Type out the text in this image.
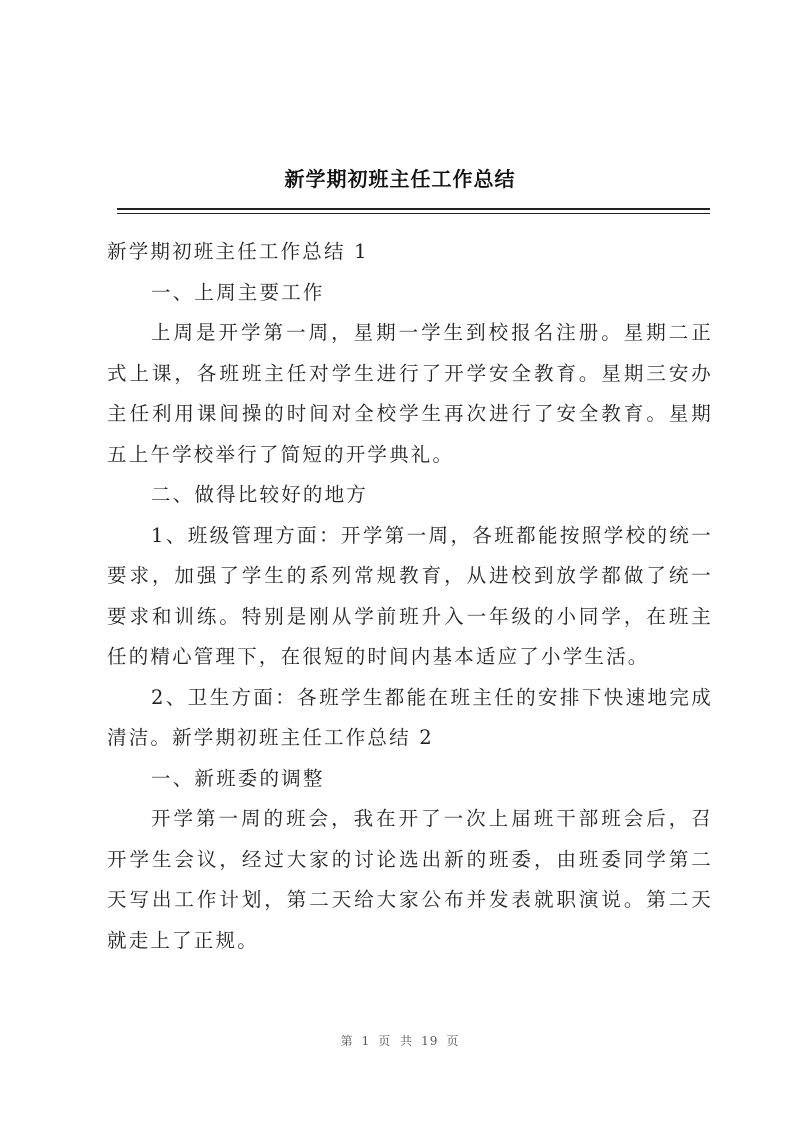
新学期初班主任工作总结

新学期初班主任工作总结 1

一、上周主要工作

上周是开学第一周，星期一学生到校报名注册。星期二正式上课，各班班主任对学生进行了开学安全教育。星期三安办主任利用课间操的时间对全校学生再次进行了安全教育。星期五上午学校举行了简短的开学典礼。

二、做得比较好的地方

1、班级管理方面：开学第一周，各班都能按照学校的统一要求，加强了学生的系列常规教育，从进校到放学都做了统一要求和训练。特别是刚从学前班升入一年级的小同学，在班主任的精心管理下，在很短的时间内基本适应了小学生活。

2、卫生方面：各班学生都能在班主任的安排下快速地完成清洁。新学期初班主任工作总结 2

一、新班委的调整

开学第一周的班会，我在开了一次上届班干部班会后，召开学生会议，经过大家的讨论选出新的班委，由班委同学第二天写出工作计划，第二天给大家公布并发表就职演说。第二天就走上了正规。

第 1 页 共 19 页
